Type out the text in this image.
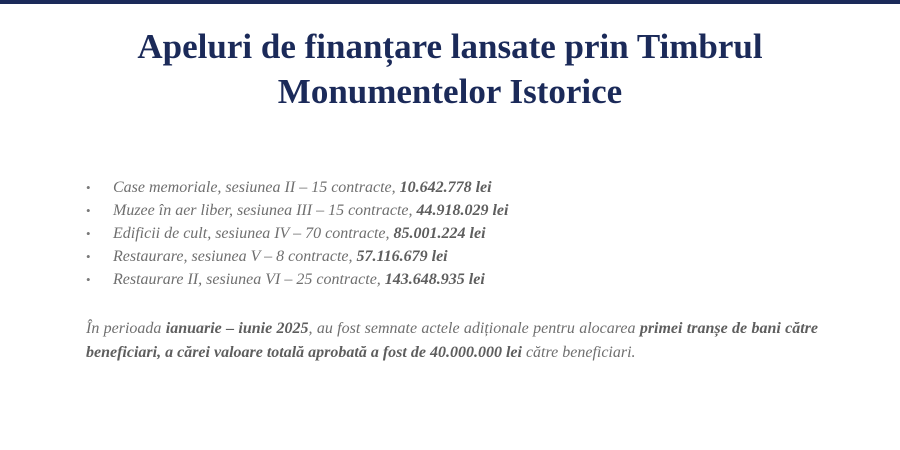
Apeluri de finanțare lansate prin Timbrul
Monumentelor Istorice
• Case memoriale, sesiunea II – 15 contracte, 10.642.778 lei
• Muzee în aer liber, sesiunea III – 15 contracte, 44.918.029 lei
• Edificii de cult, sesiunea IV – 70 contracte, 85.001.224 lei
• Restaurare, sesiunea V – 8 contracte, 57.116.679 lei
• Restaurare II, sesiunea VI – 25 contracte, 143.648.935 lei

În perioada ianuarie – iunie 2025, au fost semnate actele adiționale pentru alocarea primei tranșe de bani către beneficiari, a cărei valoare totală aprobată a fost de 40.000.000 lei către beneficiari.
